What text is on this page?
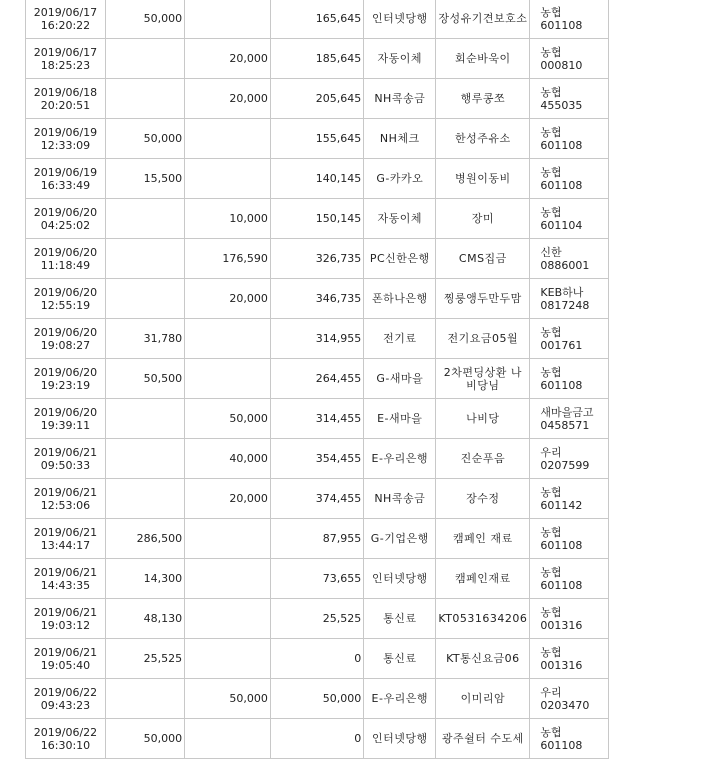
	2019/06/17
16:20:22	50,000		165,645	인터넷당행	장성유기견보호소	농협 601108	

	2019/06/17
18:25:23		20,000	185,645	자동이체	회순바욱이	농협 000810	

	2019/06/18
20:20:51		20,000	205,645	NH콕송금	행루콩쪼	농협 455035	

	2019/06/19
12:33:09	50,000		155,645	NH체크	한성주유소	농협 601108	

	2019/06/19
16:33:49	15,500		140,145	G-카카오	병원이동비	농협 601108	

	2019/06/20
04:25:02		10,000	150,145	자동이체	장미	농협 601104	

	2019/06/20
11:18:49		176,590	326,735	PC신한은행	CMS집금	신한 0886001	

	2019/06/20
12:55:19		20,000	346,735	폰하나은행	찡룽앵두만두맘	KEB하나 0817248	

	2019/06/20
19:08:27	31,780		314,955	전기료	전기요금05월	농협 001761	

	2019/06/20
19:23:19	50,500		264,455	G-새마을	2차편딩상환 나비당님	농협 601108	

	2019/06/20
19:39:11		50,000	314,455	E-새마을	나비당	새마을금고 0458571	

	2019/06/21
09:50:33		40,000	354,455	E-우리은행	진순푸음	우리 0207599	

	2019/06/21
12:53:06		20,000	374,455	NH콕송금	장수정	농협 601142	

	2019/06/21
13:44:17	286,500		87,955	G-기업은행	캠페인 재료	농협 601108	

	2019/06/21
14:43:35	14,300		73,655	인터넷당행	캠페인재료	농협 601108	

	2019/06/21
19:03:12	48,130		25,525	통신료	KT0531634206	농협 001316	

	2019/06/21
19:05:40	25,525		0	통신료	KT통신요금06	농협 001316	

	2019/06/22
09:43:23		50,000	50,000	E-우리은행	이미리암	우리 0203470	

	2019/06/22
16:30:10	50,000		0	인터넷당행	광주쉴터 수도세	농협 601108	
